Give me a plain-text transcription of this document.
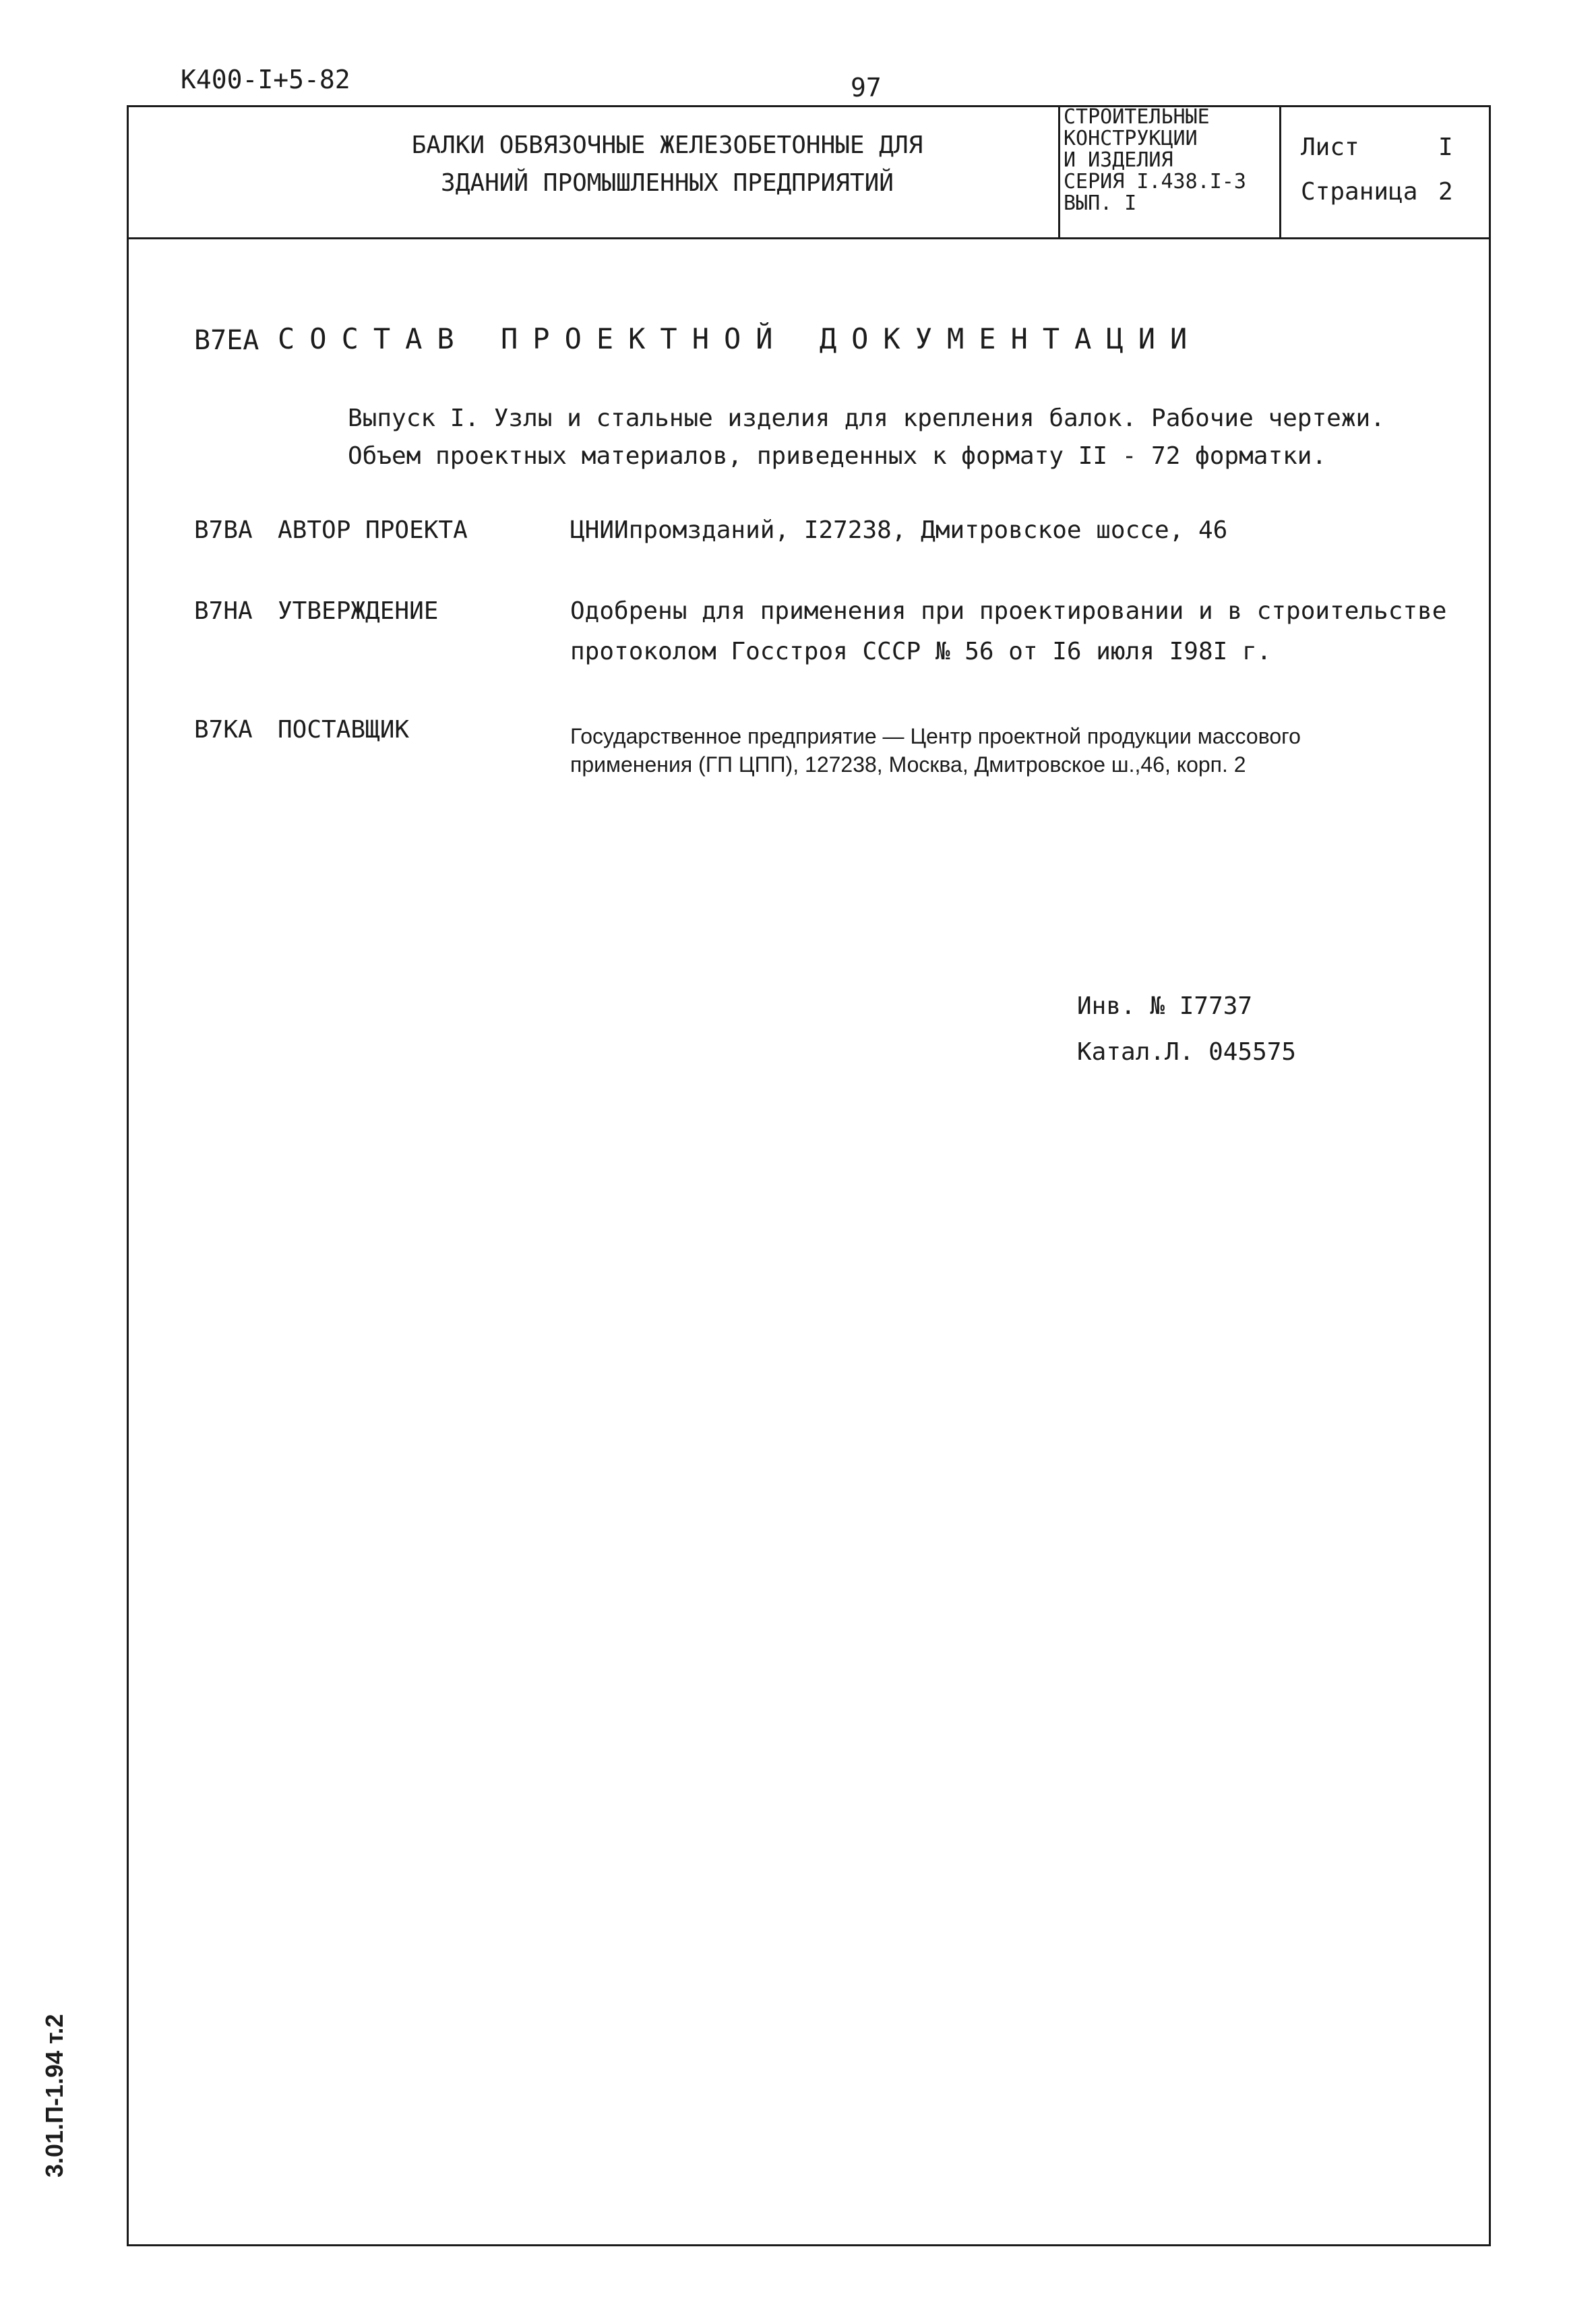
К400-I+5-82	97
БАЛКИ ОБВЯЗОЧНЫЕ ЖЕЛЕЗОБЕТОННЫЕ ДЛЯ
ЗДАНИЙ ПРОМЫШЛЕННЫХ ПРЕДПРИЯТИЙ
СТРОИТЕЛЬНЫЕ
КОНСТРУКЦИИ
И ИЗДЕЛИЯ
СЕРИЯ I.438.I-3
ВЫП. I
Лист	I
Страница 2
В7ЕА СОСТАВ ПРОЕКТНОЙ ДОКУМЕНТАЦИИ
Выпуск I. Узлы и стальные изделия для крепления балок. Рабочие чертежи.
Объем проектных материалов, приведенных к формату II - 72 форматки.
В7ВА АВТОР ПРОЕКТА	ЦНИИпромзданий, I27238, Дмитровское шоссе, 46
В7НА УТВЕРЖДЕНИЕ	Одобрены для применения при проектировании и в строительстве
протоколом Госстроя СССР № 56 от I6 июля I98I г.
В7КА ПОСТАВЩИК	Государственное предприятие — Центр проектной продукции массового
применения (ГП ЦПП), 127238, Москва, Дмитровское ш.,46, корп. 2
Инв. № I7737
Катал.Л. 045575
3.01.П-1.94 т.2
